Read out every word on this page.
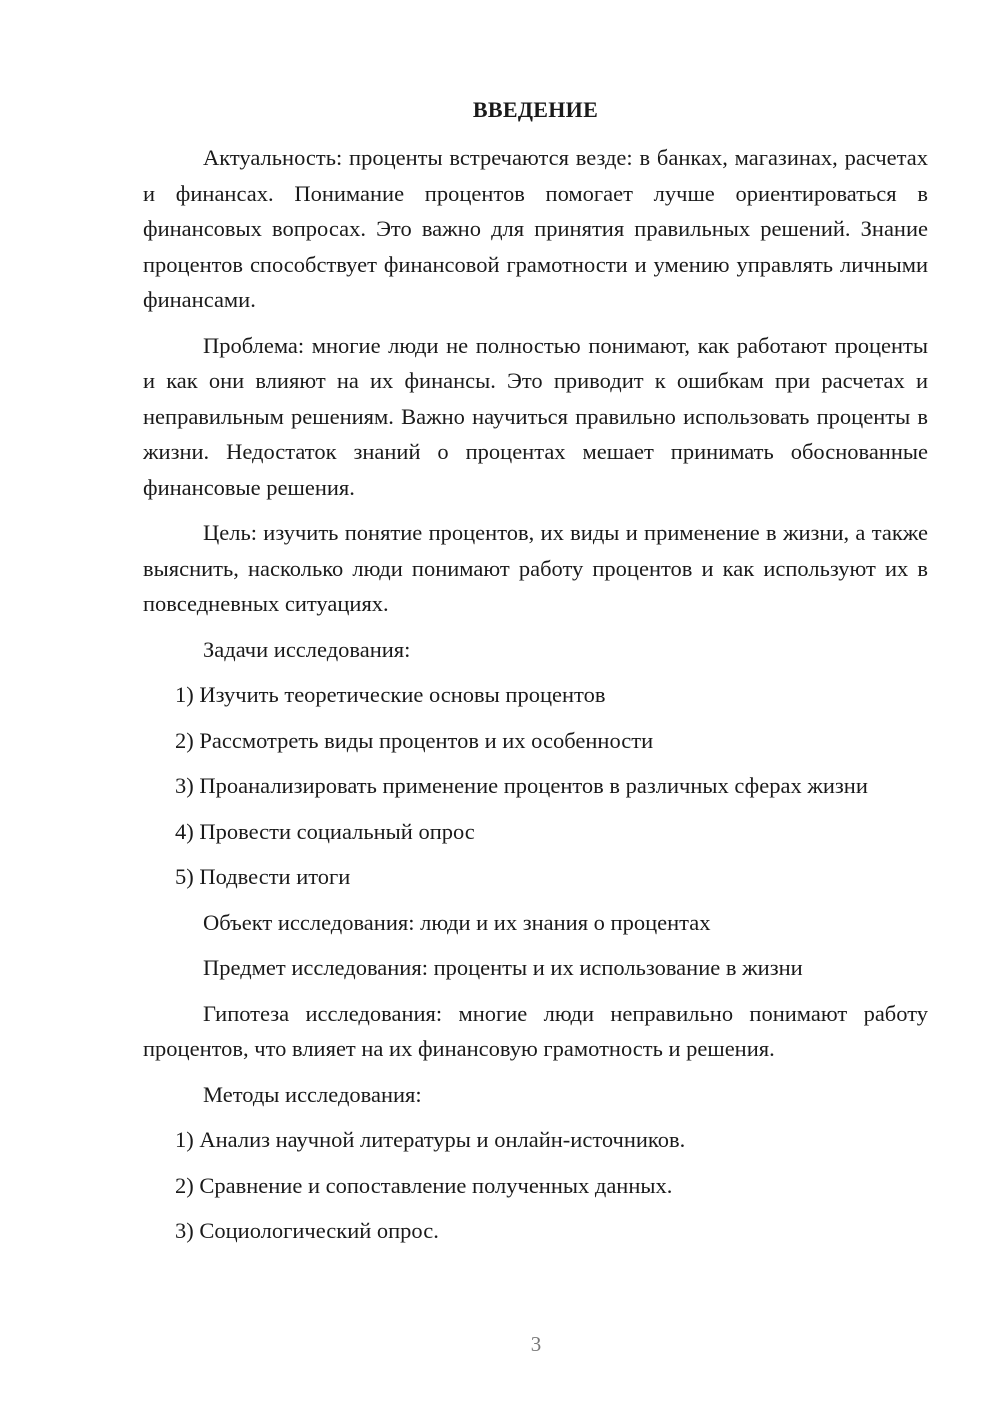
ВВЕДЕНИЕ

Актуальность: проценты встречаются везде: в банках, магазинах, расчетах и финансах. Понимание процентов помогает лучше ориентироваться в финансовых вопросах. Это важно для принятия правильных решений. Знание процентов способствует финансовой грамотности и умению управлять личными финансами.

Проблема: многие люди не полностью понимают, как работают проценты и как они влияют на их финансы. Это приводит к ошибкам при расчетах и неправильным решениям. Важно научиться правильно использовать проценты в жизни. Недостаток знаний о процентах мешает принимать обоснованные финансовые решения.

Цель: изучить понятие процентов, их виды и применение в жизни, а также выяснить, насколько люди понимают работу процентов и как используют их в повседневных ситуациях.

Задачи исследования:

1) Изучить теоретические основы процентов

2) Рассмотреть виды процентов и их особенности

3) Проанализировать применение процентов в различных сферах жизни

4) Провести социальный опрос

5) Подвести итоги

Объект исследования: люди и их знания о процентах

Предмет исследования: проценты и их использование в жизни

Гипотеза исследования: многие люди неправильно понимают работу процентов, что влияет на их финансовую грамотность и решения.

Методы исследования:

1) Анализ научной литературы и онлайн-источников.

2) Сравнение и сопоставление полученных данных.

3) Социологический опрос.

3
